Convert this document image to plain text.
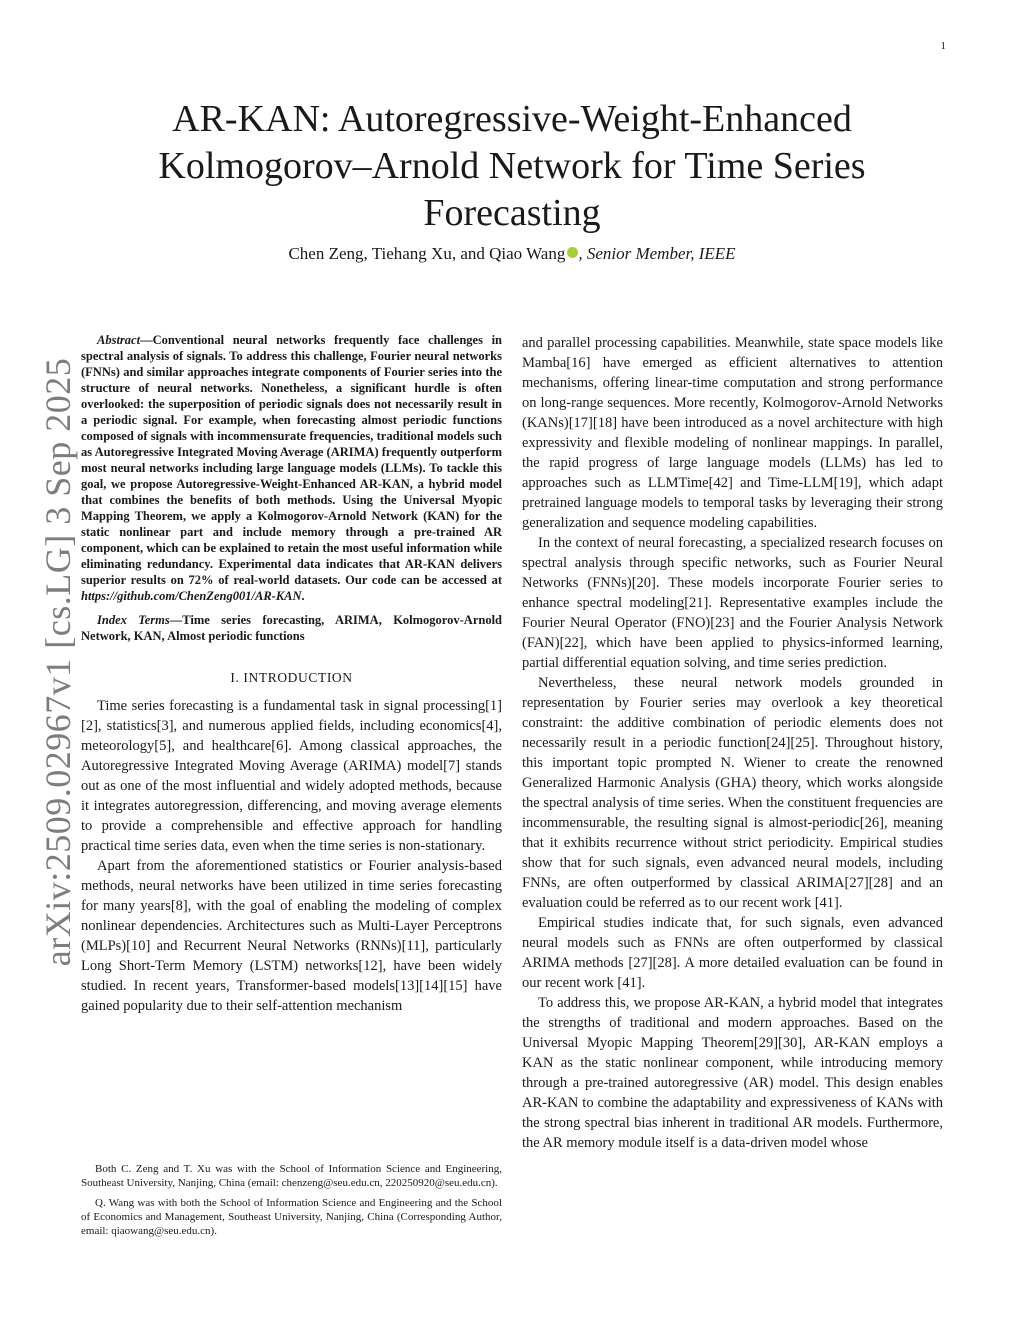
1
arXiv:2509.02967v1 [cs.LG] 3 Sep 2025
AR-KAN: Autoregressive-Weight-Enhanced Kolmogorov–Arnold Network for Time Series Forecasting
Chen Zeng, Tiehang Xu, and Qiao Wang , Senior Member, IEEE

Abstract—Conventional neural networks frequently face challenges in spectral analysis of signals. To address this challenge, Fourier neural networks (FNNs) and similar approaches integrate components of Fourier series into the structure of neural networks. Nonetheless, a significant hurdle is often overlooked: the superposition of periodic signals does not necessarily result in a periodic signal. For example, when forecasting almost periodic functions composed of signals with incommensurate frequencies, traditional models such as Autoregressive Integrated Moving Average (ARIMA) frequently outperform most neural networks including large language models (LLMs). To tackle this goal, we propose Autoregressive-Weight-Enhanced AR-KAN, a hybrid model that combines the benefits of both methods. Using the Universal Myopic Mapping Theorem, we apply a Kolmogorov-Arnold Network (KAN) for the static nonlinear part and include memory through a pre-trained AR component, which can be explained to retain the most useful information while eliminating redundancy. Experimental data indicates that AR-KAN delivers superior results on 72% of real-world datasets. Our code can be accessed at https://github.com/ChenZeng001/AR-KAN.

Index Terms—Time series forecasting, ARIMA, Kolmogorov-Arnold Network, KAN, Almost periodic functions

I. INTRODUCTION

Time series forecasting is a fundamental task in signal processing[1][2], statistics[3], and numerous applied fields, including economics[4], meteorology[5], and healthcare[6]. Among classical approaches, the Autoregressive Integrated Moving Average (ARIMA) model[7] stands out as one of the most influential and widely adopted methods, because it integrates autoregression, differencing, and moving average elements to provide a comprehensible and effective approach for handling practical time series data, even when the time series is non-stationary.

Apart from the aforementioned statistics or Fourier analysis-based methods, neural networks have been utilized in time series forecasting for many years[8], with the goal of enabling the modeling of complex nonlinear dependencies. Architectures such as Multi-Layer Perceptrons (MLPs)[10] and Recurrent Neural Networks (RNNs)[11], particularly Long Short-Term Memory (LSTM) networks[12], have been widely studied. In recent years, Transformer-based models[13][14][15] have gained popularity due to their self-attention mechanism

and parallel processing capabilities. Meanwhile, state space models like Mamba[16] have emerged as efficient alternatives to attention mechanisms, offering linear-time computation and strong performance on long-range sequences. More recently, Kolmogorov-Arnold Networks (KANs)[17][18] have been introduced as a novel architecture with high expressivity and flexible modeling of nonlinear mappings. In parallel, the rapid progress of large language models (LLMs) has led to approaches such as LLMTime[42] and Time-LLM[19], which adapt pretrained language models to temporal tasks by leveraging their strong generalization and sequence modeling capabilities.

In the context of neural forecasting, a specialized research focuses on spectral analysis through specific networks, such as Fourier Neural Networks (FNNs)[20]. These models incorporate Fourier series to enhance spectral modeling[21]. Representative examples include the Fourier Neural Operator (FNO)[23] and the Fourier Analysis Network (FAN)[22], which have been applied to physics-informed learning, partial differential equation solving, and time series prediction.

Nevertheless, these neural network models grounded in representation by Fourier series may overlook a key theoretical constraint: the additive combination of periodic elements does not necessarily result in a periodic function[24][25]. Throughout history, this important topic prompted N. Wiener to create the renowned Generalized Harmonic Analysis (GHA) theory, which works alongside the spectral analysis of time series. When the constituent frequencies are incommensurable, the resulting signal is almost-periodic[26], meaning that it exhibits recurrence without strict periodicity. Empirical studies show that for such signals, even advanced neural models, including FNNs, are often outperformed by classical ARIMA[27][28] and an evaluation could be referred as to our recent work [41].

Empirical studies indicate that, for such signals, even advanced neural models such as FNNs are often outperformed by classical ARIMA methods [27][28]. A more detailed evaluation can be found in our recent work [41].

To address this, we propose AR-KAN, a hybrid model that integrates the strengths of traditional and modern approaches. Based on the Universal Myopic Mapping Theorem[29][30], AR-KAN employs a KAN as the static nonlinear component, while introducing memory through a pre-trained autoregressive (AR) model. This design enables AR-KAN to combine the adaptability and expressiveness of KANs with the strong spectral bias inherent in traditional AR models. Furthermore, the AR memory module itself is a data-driven model whose

Both C. Zeng and T. Xu was with the School of Information Science and Engineering, Southeast University, Nanjing, China (email: chenzeng@seu.edu.cn, 220250920@seu.edu.cn).

Q. Wang was with both the School of Information Science and Engineering and the School of Economics and Management, Southeast University, Nanjing, China (Corresponding Author, email: qiaowang@seu.edu.cn).
